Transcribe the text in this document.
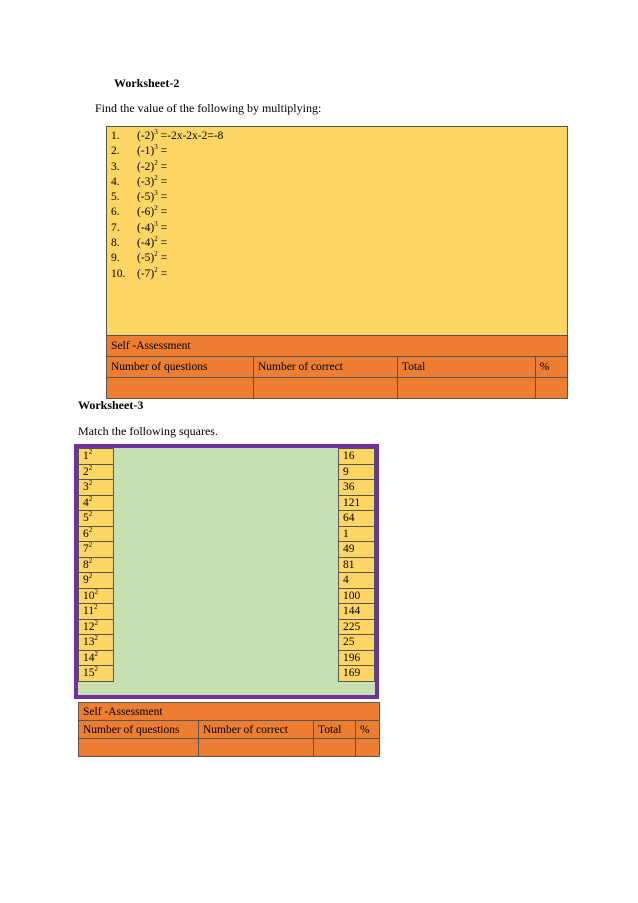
Worksheet-2
Find the value of the following by multiplying:
1. $(-2)^3 =-2x-2x-2=-8$
2. $(-1)^3$ =
3. $(-2)^2$ =
4. $(-3)^2$ =
5. $(-5)^3$ =
6. $(-6)^2$ =
7. $(-4)^3$ =
8. $(-4)^2$ =
9. $(-5)^2$ =
10. $(-7)^2$ =
Self -Assessment			
Number of questions	Number of correct	Total	%

Worksheet-3
Match the following squares.
$1^2$
$2^2$
$3^2$
$4^2$
$5^2$
$6^2$
$7^2$
$8^2$
$9^2$
$10^2$
$11^2$
$12^2$
$13^2$
$14^2$
$15^2$
16
9
36
121
64
1
49
81
4
100
144
225
25
196
169
Self -Assessment			
Number of questions	Number of correct	Total	%
